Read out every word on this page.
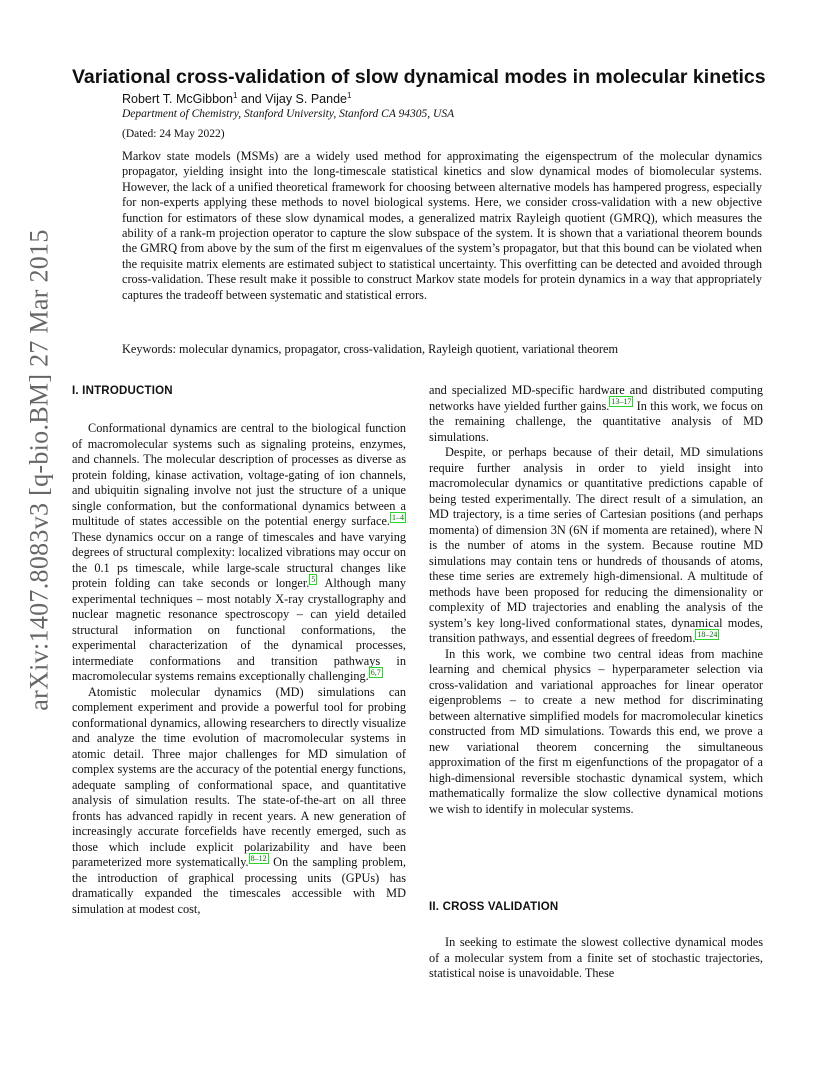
arXiv:1407.8083v3 [q-bio.BM] 27 Mar 2015
Variational cross-validation of slow dynamical modes in molecular kinetics
Robert T. McGibbon$^1$ and Vijay S. Pande$^1$
Department of Chemistry, Stanford University, Stanford CA 94305, USA
(Dated: 24 May 2022)
Markov state models (MSMs) are a widely used method for approximating the eigenspectrum of the molecular dynamics propagator, yielding insight into the long-timescale statistical kinetics and slow dynamical modes of biomolecular systems. However, the lack of a unified theoretical framework for choosing between alternative models has hampered progress, especially for non-experts applying these methods to novel biological systems. Here, we consider cross-validation with a new objective function for estimators of these slow dynamical modes, a generalized matrix Rayleigh quotient (GMRQ), which measures the ability of a rank-m projection operator to capture the slow subspace of the system. It is shown that a variational theorem bounds the GMRQ from above by the sum of the first m eigenvalues of the system’s propagator, but that this bound can be violated when the requisite matrix elements are estimated subject to statistical uncertainty. This overfitting can be detected and avoided through cross-validation. These result make it possible to construct Markov state models for protein dynamics in a way that appropriately captures the tradeoff between systematic and statistical errors.
Keywords: molecular dynamics, propagator, cross-validation, Rayleigh quotient, variational theorem
I. INTRODUCTION

Conformational dynamics are central to the biological function of macromolecular systems such as signaling proteins, enzymes, and channels. The molecular description of processes as diverse as protein folding, kinase activation, voltage-gating of ion channels, and ubiquitin signaling involve not just the structure of a unique single conformation, but the conformational dynamics between a multitude of states accessible on the potential energy surface. $^{1-4}$ These dynamics occur on a range of timescales and have varying degrees of structural complexity: localized vibrations may occur on the 0.1 ps timescale, while large-scale structural changes like protein folding can take seconds or longer. $^5$ Although many experimental techniques – most notably X-ray crystallography and nuclear magnetic resonance spectroscopy – can yield detailed structural information on functional conformations, the experimental characterization of the dynamical processes, intermediate conformations and transition pathways in macromolecular systems remains exceptionally challenging. $^{6,7}$

Atomistic molecular dynamics (MD) simulations can complement experiment and provide a powerful tool for probing conformational dynamics, allowing researchers to directly visualize and analyze the time evolution of macromolecular systems in atomic detail. Three major challenges for MD simulation of complex systems are the accuracy of the potential energy functions, adequate sampling of conformational space, and quantitative analysis of simulation results. The state-of-the-art on all three fronts has advanced rapidly in recent years. A new generation of increasingly accurate forcefields have recently emerged, such as those which include explicit polarizability and have been parameterized more systematically. $^{8-12}$ On the sampling problem, the introduction of graphical processing units (GPUs) has dramatically expanded the timescales accessible with MD simulation at modest cost,

and specialized MD-specific hardware and distributed computing networks have yielded further gains. $^{13-17}$ In this work, we focus on the remaining challenge, the quantitative analysis of MD simulations.

Despite, or perhaps because of their detail, MD simulations require further analysis in order to yield insight into macromolecular dynamics or quantitative predictions capable of being tested experimentally. The direct result of a simulation, an MD trajectory, is a time series of Cartesian positions (and perhaps momenta) of dimension 3N (6N if momenta are retained), where N is the number of atoms in the system. Because routine MD simulations may contain tens or hundreds of thousands of atoms, these time series are extremely high-dimensional. A multitude of methods have been proposed for reducing the dimensionality or complexity of MD trajectories and enabling the analysis of the system’s key long-lived conformational states, dynamical modes, transition pathways, and essential degrees of freedom. $^{18-24}$

In this work, we combine two central ideas from machine learning and chemical physics – hyperparameter selection via cross-validation and variational approaches for linear operator eigenproblems – to create a new method for discriminating between alternative simplified models for macromolecular kinetics constructed from MD simulations. Towards this end, we prove a new variational theorem concerning the simultaneous approximation of the first m eigenfunctions of the propagator of a high-dimensional reversible stochastic dynamical system, which mathematically formalize the slow collective dynamical motions we wish to identify in molecular systems.

II. CROSS VALIDATION

In seeking to estimate the slowest collective dynamical modes of a molecular system from a finite set of stochastic trajectories, statistical noise is unavoidable. These
